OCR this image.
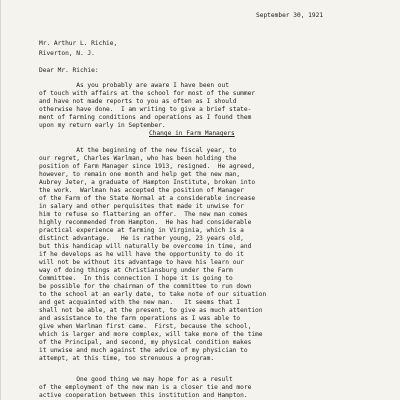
September 30, 1921
Mr. Arthur L. Richie,
Riverton, N. J.
Dear Mr. Richie:
As you probably are aware I have been out
of touch with affairs at the school for most of the summer
and have not made reports to you as often as I should
otherwise have done.  I am writing to give a brief state-
ment of farming conditions and operations as I found them
upon my return early in September.
Change in Farm Managers
At the beginning of the new fiscal year, to
our regret, Charles Warlman, who has been holding the
position of Farm Manager since 1913, resigned.  He agreed,
however, to remain one month and help get the new man,
Aubrey Jeter, a graduate of Hampton Institute, broken into
the work.  Warlman has accepted the position of Manager
of the Farm of the State Normal at a considerable increase
in salary and other perquisites that made it unwise for
him to refuse so flattering an offer.  The new man comes
highly recommended from Hampton.  He has had considerable
practical experience at farming in Virginia, which is a
distinct advantage.   He is rather young, 23 years old,
but this handicap will naturally be overcome in time, and
if he develops as he will have the opportunity to do it
will not be without its advantage to have his learn our
way of doing things at Christiansburg under the Farm
Committee.  In this connection I hope it is going to
be possible for the chairman of the committee to run down
to the school at an early date, to take note of our situation
and get acquainted with the new man.   It seems that I
shall not be able, at the present, to give as much attention
and assistance to the farm operations as I was able to
give when Warlman first came.  First, because the school,
which is larger and more complex, will take more of the time
of the Principal, and second, my physical condition makes
it unwise and much against the advice of my physician to
attempt, at this time, too strenuous a program.
One good thing we may hope for as a result
of the employment of the new man is a closer tie and more
active cooperation between this institution and Hampton.
